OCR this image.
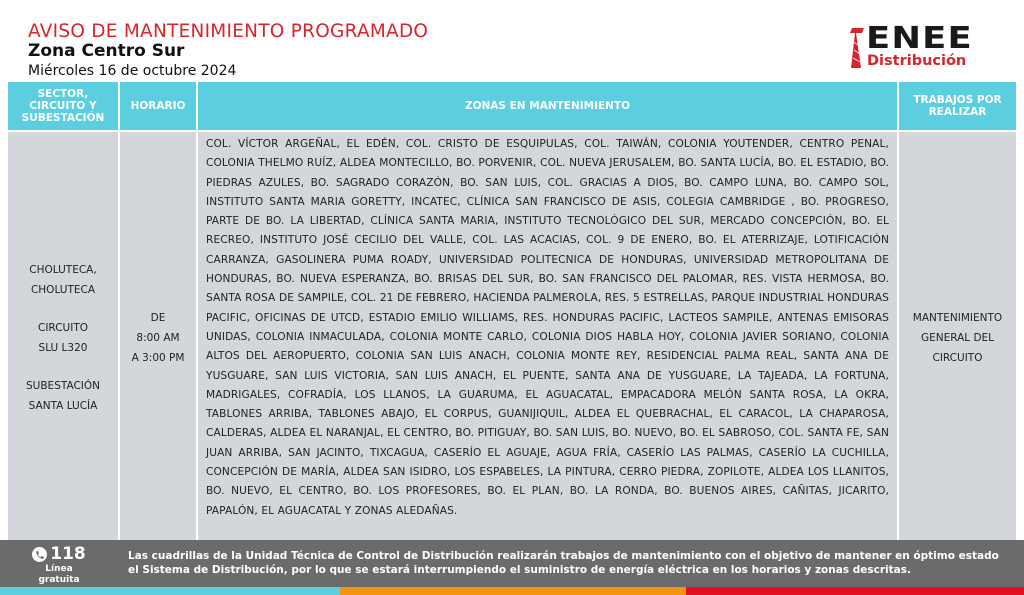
AVISO DE MANTENIMIENTO PROGRAMADO
Zona Centro Sur
Miércoles 16 de octubre 2024
ENEE
Distribución
SECTOR,
CIRCUITO Y
SUBESTACIÓN
HORARIO	ZONAS EN MANTENIMIENTO	TRABAJOS POR
REALIZAR
CHOLUTECA,
CHOLUTECA
CIRCUITO
SLU L320
SUBESTACIÓN
SANTA LUCÍA
DE
8:00 AM
A 3:00 PM
COL. VÍCTOR ARGEÑAL, EL EDÉN, COL. CRISTO DE ESQUIPULAS, COL. TAIWÁN, COLONIA YOUTENDER, CENTRO PENAL, COLONIA THELMO RUÍZ, ALDEA MONTECILLO, BO. PORVENIR, COL. NUEVA JERUSALEM, BO. SANTA LUCÍA, BO. EL ESTADIO, BO. PIEDRAS AZULES, BO. SAGRADO CORAZÓN, BO. SAN LUIS, COL. GRACIAS A DIOS, BO. CAMPO LUNA, BO. CAMPO SOL, INSTITUTO SANTA MARIA GORETTY, INCATEC, CLÍNICA SAN FRANCISCO DE ASIS, COLEGIA CAMBRIDGE , BO. PROGRESO, PARTE DE BO. LA LIBERTAD, CLÍNICA SANTA MARIA, INSTITUTO TECNOLÓGICO DEL SUR, MERCADO CONCEPCIÓN, BO. EL RECREO, INSTITUTO JOSÉ CECILIO DEL VALLE, COL. LAS ACACIAS, COL. 9 DE ENERO, BO. EL ATERRIZAJE, LOTIFICACIÓN CARRANZA, GASOLINERA PUMA ROADY, UNIVERSIDAD POLITECNICA DE HONDURAS, UNIVERSIDAD METROPOLITANA DE HONDURAS, BO. NUEVA ESPERANZA, BO. BRISAS DEL SUR, BO. SAN FRANCISCO DEL PALOMAR, RES. VISTA HERMOSA, BO. SANTA ROSA DE SAMPILE, COL. 21 DE FEBRERO, HACIENDA PALMEROLA, RES. 5 ESTRELLAS, PARQUE INDUSTRIAL HONDURAS PACIFIC, OFICINAS DE UTCD, ESTADIO EMILIO WILLIAMS, RES. HONDURAS PACIFIC, LACTEOS SAMPILE, ANTENAS EMISORAS UNIDAS, COLONIA INMACULADA, COLONIA MONTE CARLO, COLONIA DIOS HABLA HOY, COLONIA JAVIER SORIANO, COLONIA ALTOS DEL AEROPUERTO, COLONIA SAN LUIS ANACH, COLONIA MONTE REY, RESIDENCIAL PALMA REAL, SANTA ANA DE YUSGUARE, SAN LUIS VICTORIA, SAN LUIS ANACH, EL PUENTE, SANTA ANA DE YUSGUARE, LA TAJEADA, LA FORTUNA, MADRIGALES, COFRADÍA, LOS LLANOS, LA GUARUMA, EL AGUACATAL, EMPACADORA MELÓN SANTA ROSA, LA OKRA, TABLONES ARRIBA, TABLONES ABAJO, EL CORPUS, GUANIJIQUIL, ALDEA EL QUEBRACHAL, EL CARACOL, LA CHAPAROSA, CALDERAS, ALDEA EL NARANJAL, EL CENTRO, BO. PITIGUAY, BO. SAN LUIS, BO. NUEVO, BO. EL SABROSO, COL. SANTA FE, SAN JUAN ARRIBA, SAN JACINTO, TIXCAGUA, CASERÍO EL AGUAJE, AGUA FRÍA, CASERÍO LAS PALMAS, CASERÍO LA CUCHILLA, CONCEPCIÓN DE MARÍA, ALDEA SAN ISIDRO, LOS ESPABELES, LA PINTURA, CERRO PIEDRA, ZOPILOTE, ALDEA LOS LLANITOS, BO. NUEVO, EL CENTRO, BO. LOS PROFESORES, BO. EL PLAN, BO. LA RONDA, BO. BUENOS AIRES, CAÑITAS, JICARITO, PAPALÓN, EL AGUACATAL Y ZONAS ALEDAÑAS.
MANTENIMIENTO
GENERAL DEL
CIRCUITO
118
Línea gratuita
Las cuadrillas de la Unidad Técnica de Control de Distribución realizarán trabajos de mantenimiento con el objetivo de mantener en óptimo estado el Sistema de Distribución, por lo que se estará interrumpiendo el suministro de energía eléctrica en los horarios y zonas descritas.
